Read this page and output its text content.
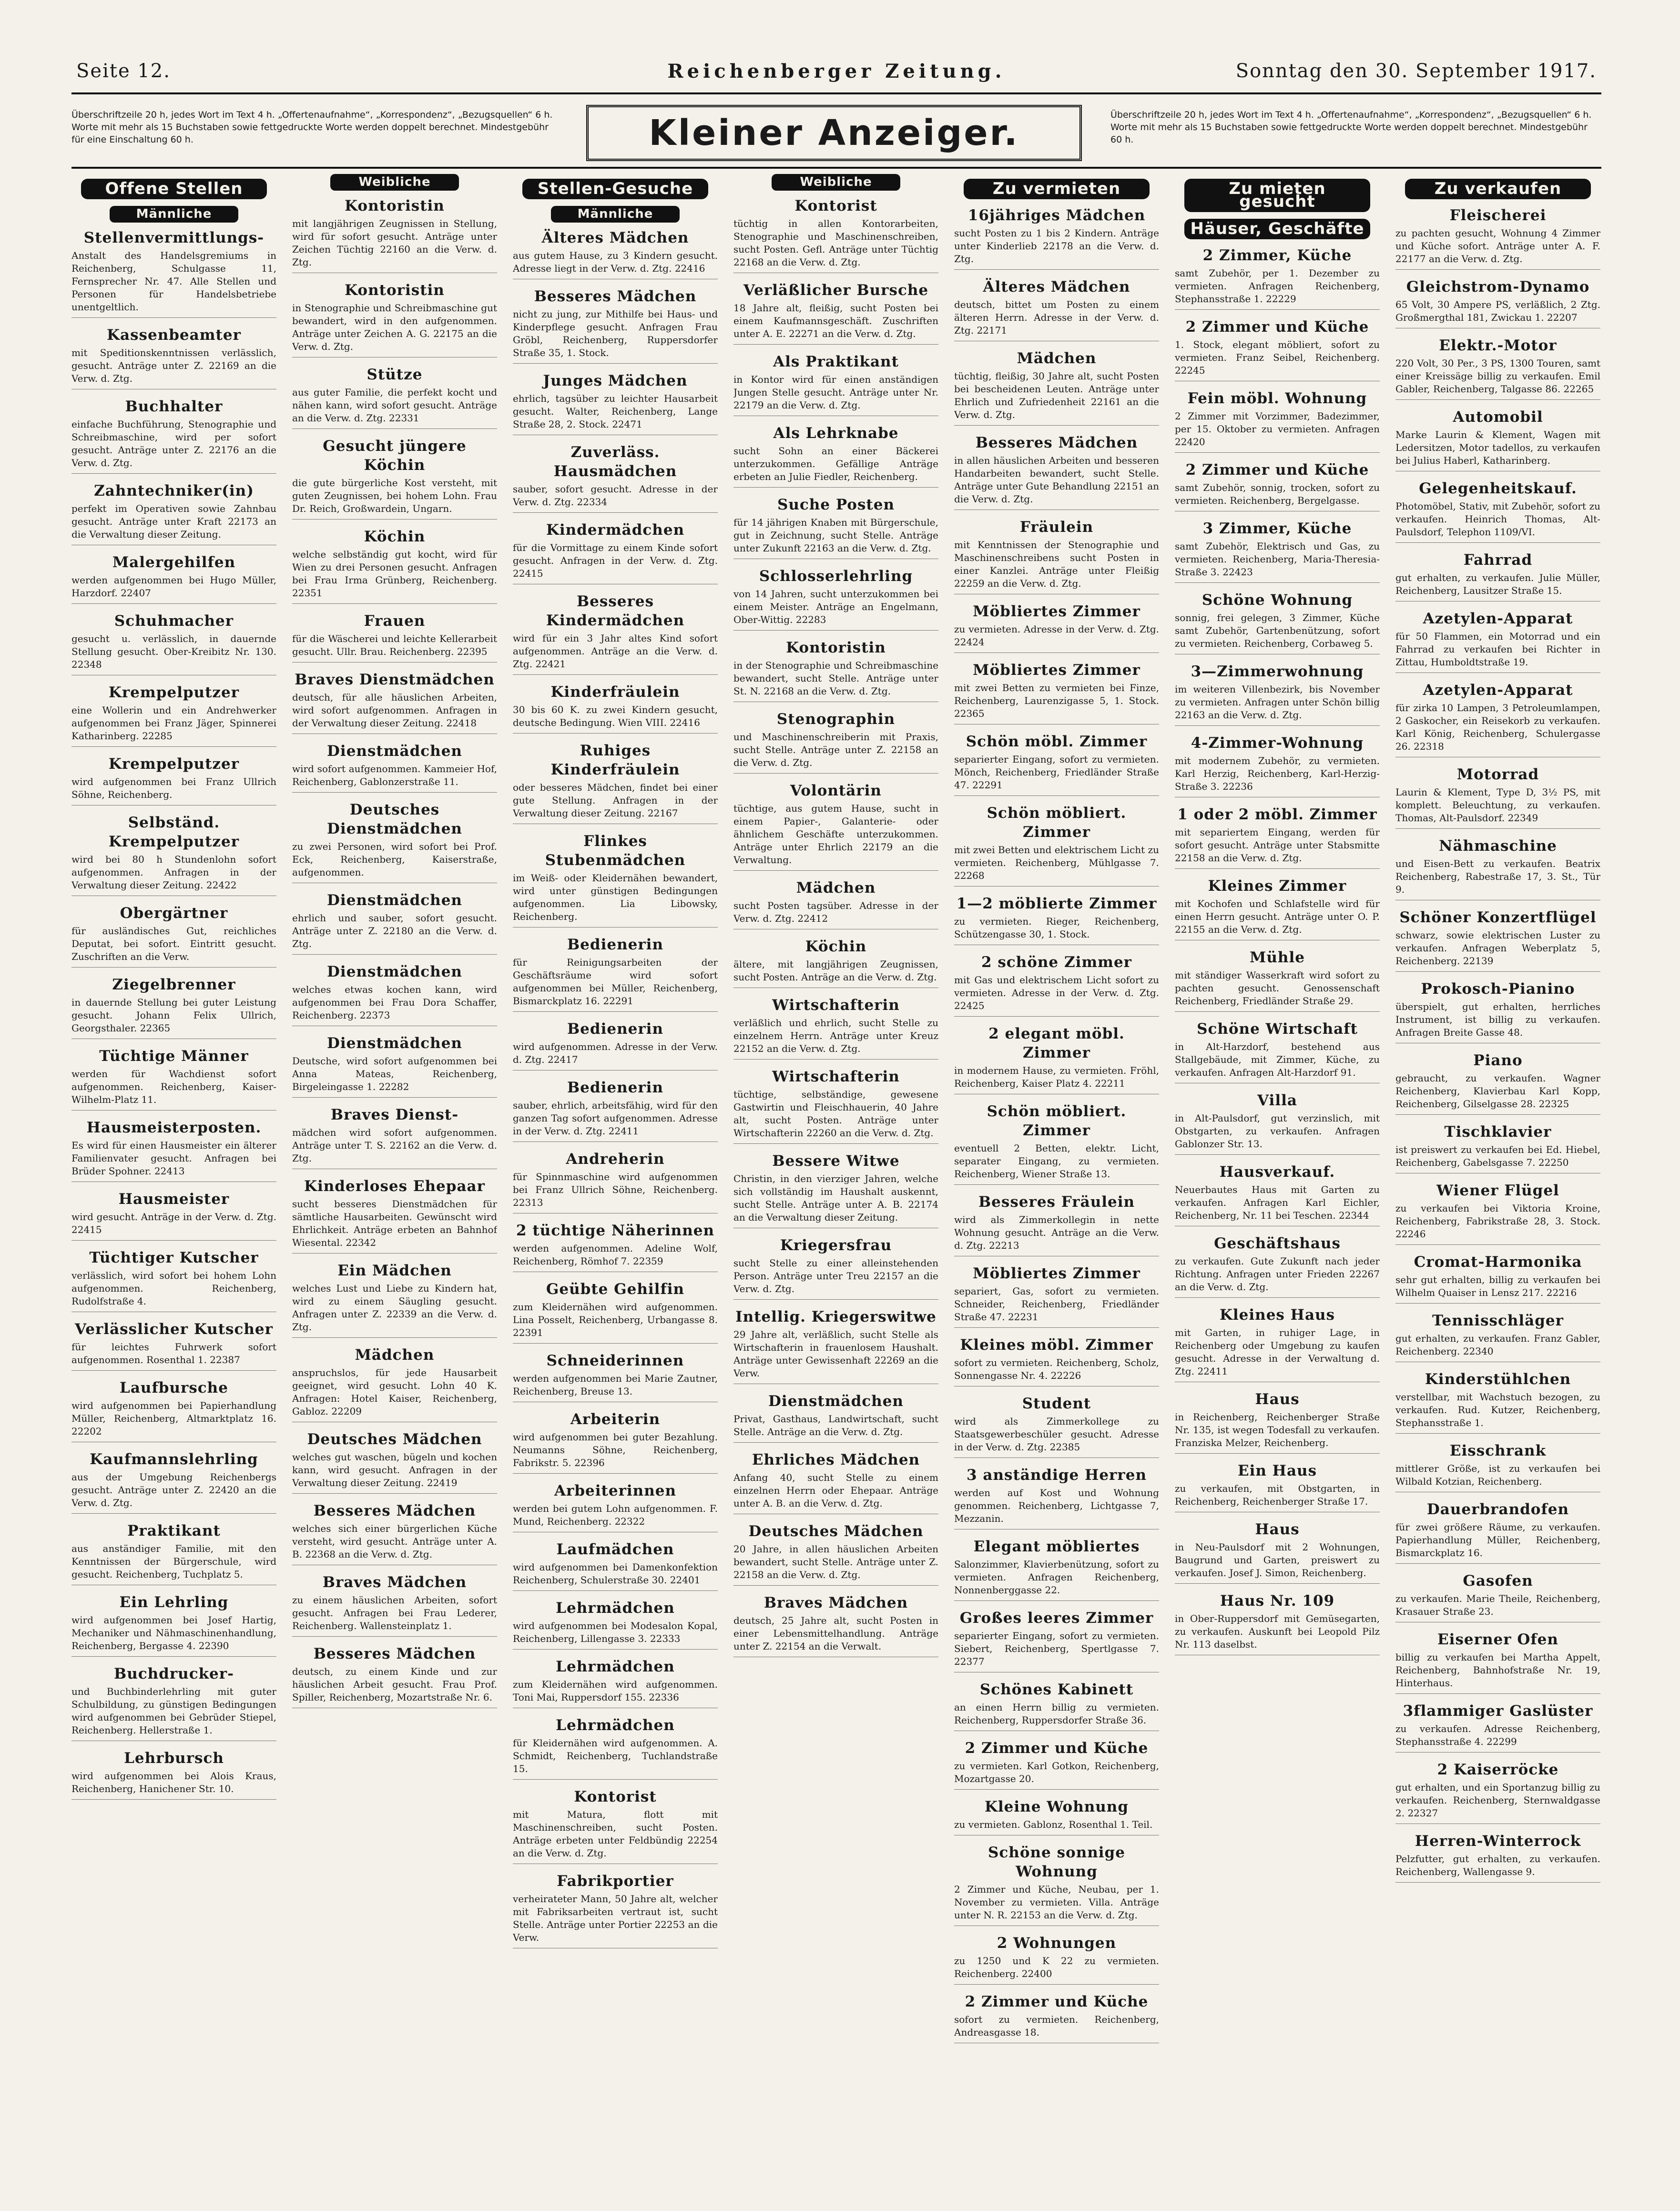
Seite 12.	Reichenberger Zeitung.	Sonntag den 30. September 1917.
Überschriftzeile 20 h, jedes Wort im Text 4 h. „Offertenaufnahme“, „Korrespondenz“, „Bezugsquellen“ 6 h. Worte mit mehr als 15 Buchstaben sowie fettgedruckte Worte werden doppelt berechnet. Mindestgebühr für eine Einschaltung 60 h.	Kleiner Anzeiger.	Überschriftzeile 20 h, jedes Wort im Text 4 h. „Offertenaufnahme“, „Korrespondenz“, „Bezugsquellen“ 6 h. Worte mit mehr als 15 Buchstaben sowie fettgedruckte Worte werden doppelt berechnet. Mindestgebühr 60 h.
Offene Stellen
Männliche
Stellenvermittlungs-
Anstalt des Handelsgremiums in Reichenberg, Schulgasse 11, Fernsprecher Nr. 47. Alle Stellen und Personen für Handelsbetriebe unentgeltlich.
Kassenbeamter
mit Speditionskenntnissen verlässlich, gesucht. Anträge unter Z. 22169 an die Verw. d. Ztg.
Buchhalter
einfache Buchführung, Stenographie und Schreibmaschine, wird per sofort gesucht. Anträge unter Z. 22176 an die Verw. d. Ztg.
Zahntechniker(in)
perfekt im Operativen sowie Zahnbau gesucht. Anträge unter Kraft 22173 an die Verwaltung dieser Zeitung.
Malergehilfen
werden aufgenommen bei Hugo Müller, Harzdorf. 22407
Schuhmacher
gesucht u. verlässlich, in dauernde Stellung gesucht. Ober-Kreibitz Nr. 130. 22348
Krempelputzer
eine Wollerin und ein Andrehwerker aufgenommen bei Franz Jäger, Spinnerei Katharinberg. 22285
Krempelputzer
wird aufgenommen bei Franz Ullrich Söhne, Reichenberg.
Selbständ. Krempelputzer
wird bei 80 h Stundenlohn sofort aufgenommen. Anfragen in der Verwaltung dieser Zeitung. 22422
Obergärtner
für ausländisches Gut, reichliches Deputat, bei sofort. Eintritt gesucht. Zuschriften an die Verw.
Ziegelbrenner
in dauernde Stellung bei guter Leistung gesucht. Johann Felix Ullrich, Georgsthaler. 22365
Tüchtige Männer
werden für Wachdienst sofort aufgenommen. Reichenberg, Kaiser-Wilhelm-Platz 11.
Hausmeisterposten.
Es wird für einen Hausmeister ein älterer Familienvater gesucht. Anfragen bei Brüder Spohner. 22413
Hausmeister
wird gesucht. Anträge in der Verw. d. Ztg. 22415
Tüchtiger Kutscher
verlässlich, wird sofort bei hohem Lohn aufgenommen. Reichenberg, Rudolfstraße 4.
Verlässlicher Kutscher
für leichtes Fuhrwerk sofort aufgenommen. Rosenthal 1. 22387
Laufbursche
wird aufgenommen bei Papierhandlung Müller, Reichenberg, Altmarktplatz 16. 22202
Kaufmannslehrling
aus der Umgebung Reichenbergs gesucht. Anträge unter Z. 22420 an die Verw. d. Ztg.
Praktikant
aus anständiger Familie, mit den Kenntnissen der Bürgerschule, wird gesucht. Reichenberg, Tuchplatz 5.
Ein Lehrling
wird aufgenommen bei Josef Hartig, Mechaniker und Nähmaschinenhandlung, Reichenberg, Bergasse 4. 22390
Buchdrucker-
und Buchbinderlehrling mit guter Schulbildung, zu günstigen Bedingungen wird aufgenommen bei Gebrüder Stiepel, Reichenberg. Hellerstraße 1.
Lehrbursch
wird aufgenommen bei Alois Kraus, Reichenberg, Hanichener Str. 10.
Weibliche
Kontoristin
mit langjährigen Zeugnissen in Stellung, wird für sofort gesucht. Anträge unter Zeichen Tüchtig 22160 an die Verw. d. Ztg.
Kontoristin
in Stenographie und Schreibmaschine gut bewandert, wird in den aufgenommen. Anträge unter Zeichen A. G. 22175 an die Verw. d. Ztg.
Stütze
aus guter Familie, die perfekt kocht und nähen kann, wird sofort gesucht. Anträge an die Verw. d. Ztg. 22331
Gesucht jüngere Köchin
die gute bürgerliche Kost versteht, mit guten Zeugnissen, bei hohem Lohn. Frau Dr. Reich, Großwardein, Ungarn.
Köchin
welche selbständig gut kocht, wird für Wien zu drei Personen gesucht. Anfragen bei Frau Irma Grünberg, Reichenberg. 22351
Frauen
für die Wäscherei und leichte Kellerarbeit gesucht. Ullr. Brau. Reichenberg. 22395
Braves Dienstmädchen
deutsch, für alle häuslichen Arbeiten, wird sofort aufgenommen. Anfragen in der Verwaltung dieser Zeitung. 22418
Dienstmädchen
wird sofort aufgenommen. Kammeier Hof, Reichenberg, Gablonzerstraße 11.
Deutsches Dienstmädchen
zu zwei Personen, wird sofort bei Prof. Eck, Reichenberg, Kaiserstraße, aufgenommen.
Dienstmädchen
ehrlich und sauber, sofort gesucht. Anträge unter Z. 22180 an die Verw. d. Ztg.
Dienstmädchen
welches etwas kochen kann, wird aufgenommen bei Frau Dora Schaffer, Reichenberg. 22373
Dienstmädchen
Deutsche, wird sofort aufgenommen bei Anna Mateas, Reichenberg, Birgeleingasse 1. 22282
Braves Dienst-
mädchen wird sofort aufgenommen. Anträge unter T. S. 22162 an die Verw. d. Ztg.
Kinderloses Ehepaar
sucht besseres Dienstmädchen für sämtliche Hausarbeiten. Gewünscht wird Ehrlichkeit. Anträge erbeten an Bahnhof Wiesental. 22342
Ein Mädchen
welches Lust und Liebe zu Kindern hat, wird zu einem Säugling gesucht. Anfragen unter Z. 22339 an die Verw. d. Ztg.
Mädchen
anspruchslos, für jede Hausarbeit geeignet, wird gesucht. Lohn 40 K. Anfragen: Hotel Kaiser, Reichenberg, Gabloz. 22209
Deutsches Mädchen
welches gut waschen, bügeln und kochen kann, wird gesucht. Anfragen in der Verwaltung dieser Zeitung. 22419
Besseres Mädchen
welches sich einer bürgerlichen Küche versteht, wird gesucht. Anträge unter A. B. 22368 an die Verw. d. Ztg.
Braves Mädchen
zu einem häuslichen Arbeiten, sofort gesucht. Anfragen bei Frau Lederer, Reichenberg. Wallensteinplatz 1.
Besseres Mädchen
deutsch, zu einem Kinde und zur häuslichen Arbeit gesucht. Frau Prof. Spiller, Reichenberg, Mozartstraße Nr. 6.
Stellen-Gesuche
Männliche
Älteres Mädchen
aus gutem Hause, zu 3 Kindern gesucht. Adresse liegt in der Verw. d. Ztg. 22416
Besseres Mädchen
nicht zu jung, zur Mithilfe bei Haus- und Kinderpflege gesucht. Anfragen Frau Gröbl, Reichenberg, Ruppersdorfer Straße 35, 1. Stock.
Junges Mädchen
ehrlich, tagsüber zu leichter Hausarbeit gesucht. Walter, Reichenberg, Lange Straße 28, 2. Stock. 22471
Zuverläss. Hausmädchen
sauber, sofort gesucht. Adresse in der Verw. d. Ztg. 22334
Kindermädchen
für die Vormittage zu einem Kinde sofort gesucht. Anfragen in der Verw. d. Ztg. 22415
Besseres Kindermädchen
wird für ein 3 Jahr altes Kind sofort aufgenommen. Anträge an die Verw. d. Ztg. 22421
Kinderfräulein
30 bis 60 K. zu zwei Kindern gesucht, deutsche Bedingung. Wien VIII. 22416
Ruhiges Kinderfräulein
oder besseres Mädchen, findet bei einer gute Stellung. Anfragen in der Verwaltung dieser Zeitung. 22167
Flinkes Stubenmädchen
im Weiß- oder Kleidernähen bewandert, wird unter günstigen Bedingungen aufgenommen. Lia Libowsky, Reichenberg.
Bedienerin
für Reinigungsarbeiten der Geschäftsräume wird sofort aufgenommen bei Müller, Reichenberg, Bismarckplatz 16. 22291
Bedienerin
wird aufgenommen. Adresse in der Verw. d. Ztg. 22417
Bedienerin
sauber, ehrlich, arbeitsfähig, wird für den ganzen Tag sofort aufgenommen. Adresse in der Verw. d. Ztg. 22411
Andreherin
für Spinnmaschine wird aufgenommen bei Franz Ullrich Söhne, Reichenberg. 22313
2 tüchtige Näherinnen
werden aufgenommen. Adeline Wolf, Reichenberg, Römhof 7. 22359
Geübte Gehilfin
zum Kleidernähen wird aufgenommen. Lina Posselt, Reichenberg, Urbangasse 8. 22391
Schneiderinnen
werden aufgenommen bei Marie Zautner, Reichenberg, Breuse 13.
Arbeiterin
wird aufgenommen bei guter Bezahlung. Neumanns Söhne, Reichenberg, Fabrikstr. 5. 22396
Arbeiterinnen
werden bei gutem Lohn aufgenommen. F. Mund, Reichenberg. 22322
Laufmädchen
wird aufgenommen bei Damenkonfektion Reichenberg, Schulerstraße 30. 22401
Lehrmädchen
wird aufgenommen bei Modesalon Kopal, Reichenberg, Lillengasse 3. 22333
Lehrmädchen
zum Kleidernähen wird aufgenommen. Toni Mai, Ruppersdorf 155. 22336
Lehrmädchen
für Kleidernähen wird aufgenommen. A. Schmidt, Reichenberg, Tuchlandstraße 15.
Kontorist
mit Matura, flott mit Maschinenschreiben, sucht Posten. Anträge erbeten unter Feldbündig 22254 an die Verw. d. Ztg.
Fabrikportier
verheirateter Mann, 50 Jahre alt, welcher mit Fabriksarbeiten vertraut ist, sucht Stelle. Anträge unter Portier 22253 an die Verw.
Weibliche
Kontorist
tüchtig in allen Kontorarbeiten, Stenographie und Maschinenschreiben, sucht Posten. Gefl. Anträge unter Tüchtig 22168 an die Verw. d. Ztg.
Verläßlicher Bursche
18 Jahre alt, fleißig, sucht Posten bei einem Kaufmannsgeschäft. Zuschriften unter A. E. 22271 an die Verw. d. Ztg.
Als Praktikant
in Kontor wird für einen anständigen Jungen Stelle gesucht. Anträge unter Nr. 22179 an die Verw. d. Ztg.
Als Lehrknabe
sucht Sohn an einer Bäckerei unterzukommen. Gefällige Anträge erbeten an Julie Fiedler, Reichenberg.
Suche Posten
für 14 jährigen Knaben mit Bürgerschule, gut in Zeichnung, sucht Stelle. Anträge unter Zukunft 22163 an die Verw. d. Ztg.
Schlosserlehrling
von 14 Jahren, sucht unterzukommen bei einem Meister. Anträge an Engelmann, Ober-Wittig. 22283
Kontoristin
in der Stenographie und Schreibmaschine bewandert, sucht Stelle. Anträge unter St. N. 22168 an die Verw. d. Ztg.
Stenographin
und Maschinenschreiberin mit Praxis, sucht Stelle. Anträge unter Z. 22158 an die Verw. d. Ztg.
Volontärin
tüchtige, aus gutem Hause, sucht in einem Papier-, Galanterie- oder ähnlichem Geschäfte unterzukommen. Anträge unter Ehrlich 22179 an die Verwaltung.
Mädchen
sucht Posten tagsüber. Adresse in der Verw. d. Ztg. 22412
Köchin
ältere, mit langjährigen Zeugnissen, sucht Posten. Anträge an die Verw. d. Ztg.
Wirtschafterin
verläßlich und ehrlich, sucht Stelle zu einzelnem Herrn. Anträge unter Kreuz 22152 an die Verw. d. Ztg.
Wirtschafterin
tüchtige, selbständige, gewesene Gastwirtin und Fleischhauerin, 40 Jahre alt, sucht Posten. Anträge unter Wirtschafterin 22260 an die Verw. d. Ztg.
Bessere Witwe
Christin, in den vierziger Jahren, welche sich vollständig im Haushalt auskennt, sucht Stelle. Anträge unter A. B. 22174 an die Verwaltung dieser Zeitung.
Kriegersfrau
sucht Stelle zu einer alleinstehenden Person. Anträge unter Treu 22157 an die Verw. d. Ztg.
Intellig. Kriegerswitwe
29 Jahre alt, verläßlich, sucht Stelle als Wirtschafterin in frauenlosem Haushalt. Anträge unter Gewissenhaft 22269 an die Verw.
Dienstmädchen
Privat, Gasthaus, Landwirtschaft, sucht Stelle. Anträge an die Verw. d. Ztg.
Ehrliches Mädchen
Anfang 40, sucht Stelle zu einem einzelnen Herrn oder Ehepaar. Anträge unter A. B. an die Verw. d. Ztg.
Deutsches Mädchen
20 Jahre, in allen häuslichen Arbeiten bewandert, sucht Stelle. Anträge unter Z. 22158 an die Verw. d. Ztg.
Braves Mädchen
deutsch, 25 Jahre alt, sucht Posten in einer Lebensmittelhandlung. Anträge unter Z. 22154 an die Verwalt.
Zu vermieten
16jähriges Mädchen
sucht Posten zu 1 bis 2 Kindern. Anträge unter Kinderlieb 22178 an die Verw. d. Ztg.
Älteres Mädchen
deutsch, bittet um Posten zu einem älteren Herrn. Adresse in der Verw. d. Ztg. 22171
Mädchen
tüchtig, fleißig, 30 Jahre alt, sucht Posten bei bescheidenen Leuten. Anträge unter Ehrlich und Zufriedenheit 22161 an die Verw. d. Ztg.
Besseres Mädchen
in allen häuslichen Arbeiten und besseren Handarbeiten bewandert, sucht Stelle. Anträge unter Gute Behandlung 22151 an die Verw. d. Ztg.
Fräulein
mit Kenntnissen der Stenographie und Maschinenschreibens sucht Posten in einer Kanzlei. Anträge unter Fleißig 22259 an die Verw. d. Ztg.
Möbliertes Zimmer
zu vermieten. Adresse in der Verw. d. Ztg. 22424
Möbliertes Zimmer
mit zwei Betten zu vermieten bei Finze, Reichenberg, Laurenzigasse 5, 1. Stock. 22365
Schön möbl. Zimmer
separierter Eingang, sofort zu vermieten. Mönch, Reichenberg, Friedländer Straße 47. 22291
Schön möbliert. Zimmer
mit zwei Betten und elektrischem Licht zu vermieten. Reichenberg, Mühlgasse 7. 22268
1—2 möblierte Zimmer
zu vermieten. Rieger, Reichenberg, Schützengasse 30, 1. Stock.
2 schöne Zimmer
mit Gas und elektrischem Licht sofort zu vermieten. Adresse in der Verw. d. Ztg. 22425
2 elegant möbl. Zimmer
in modernem Hause, zu vermieten. Fröhl, Reichenberg, Kaiser Platz 4. 22211
Schön möbliert. Zimmer
eventuell 2 Betten, elektr. Licht, separater Eingang, zu vermieten. Reichenberg, Wiener Straße 13.
Besseres Fräulein
wird als Zimmerkollegin in nette Wohnung gesucht. Anträge an die Verw. d. Ztg. 22213
Möbliertes Zimmer
separiert, Gas, sofort zu vermieten. Schneider, Reichenberg, Friedländer Straße 47. 22231
Kleines möbl. Zimmer
sofort zu vermieten. Reichenberg, Scholz, Sonnengasse Nr. 4. 22226
Student
wird als Zimmerkollege zu Staatsgewerbeschüler gesucht. Adresse in der Verw. d. Ztg. 22385
3 anständige Herren
werden auf Kost und Wohnung genommen. Reichenberg, Lichtgasse 7, Mezzanin.
Elegant möbliertes
Salonzimmer, Klavierbenützung, sofort zu vermieten. Anfragen Reichenberg, Nonnenberggasse 22.
Großes leeres Zimmer
separierter Eingang, sofort zu vermieten. Siebert, Reichenberg, Spertlgasse 7. 22377
Schönes Kabinett
an einen Herrn billig zu vermieten. Reichenberg, Ruppersdorfer Straße 36.
2 Zimmer und Küche
zu vermieten. Karl Gotkon, Reichenberg, Mozartgasse 20.
Kleine Wohnung
zu vermieten. Gablonz, Rosenthal 1. Teil.
Schöne sonnige Wohnung
2 Zimmer und Küche, Neubau, per 1. November zu vermieten. Villa. Anträge unter N. R. 22153 an die Verw. d. Ztg.
2 Wohnungen
zu 1250 und K 22 zu vermieten. Reichenberg. 22400
2 Zimmer und Küche
sofort zu vermieten. Reichenberg, Andreasgasse 18.
Zu mieten gesucht
Häuser, Geschäfte
2 Zimmer, Küche
samt Zubehör, per 1. Dezember zu vermieten. Anfragen Reichenberg, Stephansstraße 1. 22229
2 Zimmer und Küche
1. Stock, elegant möbliert, sofort zu vermieten. Franz Seibel, Reichenberg. 22245
Fein möbl. Wohnung
2 Zimmer mit Vorzimmer, Badezimmer, per 15. Oktober zu vermieten. Anfragen 22420
2 Zimmer und Küche
samt Zubehör, sonnig, trocken, sofort zu vermieten. Reichenberg, Bergelgasse.
3 Zimmer, Küche
samt Zubehör, Elektrisch und Gas, zu vermieten. Reichenberg, Maria-Theresia-Straße 3. 22423
Schöne Wohnung
sonnig, frei gelegen, 3 Zimmer, Küche samt Zubehör, Gartenbenützung, sofort zu vermieten. Reichenberg, Corbaweg 5.
3—Zimmerwohnung
im weiteren Villenbezirk, bis November zu vermieten. Anfragen unter Schön billig 22163 an die Verw. d. Ztg.
4-Zimmer-Wohnung
mit modernem Zubehör, zu vermieten. Karl Herzig, Reichenberg, Karl-Herzig-Straße 3. 22236
1 oder 2 möbl. Zimmer
mit separiertem Eingang, werden für sofort gesucht. Anträge unter Stabsmitte 22158 an die Verw. d. Ztg.
Kleines Zimmer
mit Kochofen und Schlafstelle wird für einen Herrn gesucht. Anträge unter O. P. 22155 an die Verw. d. Ztg.
Mühle
mit ständiger Wasserkraft wird sofort zu pachten gesucht. Genossenschaft Reichenberg, Friedländer Straße 29.
Schöne Wirtschaft
in Alt-Harzdorf, bestehend aus Stallgebäude, mit Zimmer, Küche, zu verkaufen. Anfragen Alt-Harzdorf 91.
Villa
in Alt-Paulsdorf, gut verzinslich, mit Obstgarten, zu verkaufen. Anfragen Gablonzer Str. 13.
Hausverkauf.
Neuerbautes Haus mit Garten zu verkaufen. Anfragen Karl Eichler, Reichenberg, Nr. 11 bei Teschen. 22344
Geschäftshaus
zu verkaufen. Gute Zukunft nach jeder Richtung. Anfragen unter Frieden 22267 an die Verw. d. Ztg.
Kleines Haus
mit Garten, in ruhiger Lage, in Reichenberg oder Umgebung zu kaufen gesucht. Adresse in der Verwaltung d. Ztg. 22411
Haus
in Reichenberg, Reichenberger Straße Nr. 135, ist wegen Todesfall zu verkaufen. Franziska Melzer, Reichenberg.
Ein Haus
zu verkaufen, mit Obstgarten, in Reichenberg, Reichenberger Straße 17.
Haus
in Neu-Paulsdorf mit 2 Wohnungen, Baugrund und Garten, preiswert zu verkaufen. Josef J. Simon, Reichenberg.
Haus Nr. 109
in Ober-Ruppersdorf mit Gemüsegarten, zu verkaufen. Auskunft bei Leopold Pilz Nr. 113 daselbst.
Zu verkaufen
Fleischerei
zu pachten gesucht, Wohnung 4 Zimmer und Küche sofort. Anträge unter A. F. 22177 an die Verw. d. Ztg.
Gleichstrom-Dynamo
65 Volt, 30 Ampere PS, verläßlich, 2 Ztg. Großmergthal 181, Zwickau 1. 22207
Elektr.-Motor
220 Volt, 30 Per., 3 PS, 1300 Touren, samt einer Kreissäge billig zu verkaufen. Emil Gabler, Reichenberg, Talgasse 86. 22265
Automobil
Marke Laurin & Klement, Wagen mit Ledersitzen, Motor tadellos, zu verkaufen bei Julius Haberl, Katharinberg.
Gelegenheitskauf.
Photomöbel, Stativ, mit Zubehör, sofort zu verkaufen. Heinrich Thomas, Alt-Paulsdorf, Telephon 1109/VI.
Fahrrad
gut erhalten, zu verkaufen. Julie Müller, Reichenberg, Lausitzer Straße 15.
Azetylen-Apparat
für 50 Flammen, ein Motorrad und ein Fahrrad zu verkaufen bei Richter in Zittau, Humboldtstraße 19.
Azetylen-Apparat
für zirka 10 Lampen, 3 Petroleumlampen, 2 Gaskocher, ein Reisekorb zu verkaufen. Karl König, Reichenberg, Schulergasse 26. 22318
Motorrad
Laurin & Klement, Type D, 3½ PS, mit komplett. Beleuchtung, zu verkaufen. Thomas, Alt-Paulsdorf. 22349
Nähmaschine
und Eisen-Bett zu verkaufen. Beatrix Reichenberg, Rabestraße 17, 3. St., Tür 9.
Schöner Konzertflügel
schwarz, sowie elektrischen Luster zu verkaufen. Anfragen Weberplatz 5, Reichenberg. 22139
Prokosch-Pianino
überspielt, gut erhalten, herrliches Instrument, ist billig zu verkaufen. Anfragen Breite Gasse 48.
Piano
gebraucht, zu verkaufen. Wagner Reichenberg, Klavierbau Karl Kopp, Reichenberg, Gilselgasse 28. 22325
Tischklavier
ist preiswert zu verkaufen bei Ed. Hiebel, Reichenberg, Gabelsgasse 7. 22250
Wiener Flügel
zu verkaufen bei Viktoria Kroine, Reichenberg, Fabrikstraße 28, 3. Stock. 22246
Cromat-Harmonika
sehr gut erhalten, billig zu verkaufen bei Wilhelm Quaiser in Lensz 217. 22216
Tennisschläger
gut erhalten, zu verkaufen. Franz Gabler, Reichenberg. 22340
Kinderstühlchen
verstellbar, mit Wachstuch bezogen, zu verkaufen. Rud. Kutzer, Reichenberg, Stephansstraße 1.
Eisschrank
mittlerer Größe, ist zu verkaufen bei Wilbald Kotzian, Reichenberg.
Dauerbrandofen
für zwei größere Räume, zu verkaufen. Papierhandlung Müller, Reichenberg, Bismarckplatz 16.
Gasofen
zu verkaufen. Marie Theile, Reichenberg, Krasauer Straße 23.
Eiserner Ofen
billig zu verkaufen bei Martha Appelt, Reichenberg, Bahnhofstraße Nr. 19, Hinterhaus.
3flammiger Gaslüster
zu verkaufen. Adresse Reichenberg, Stephansstraße 4. 22299
2 Kaiserröcke
gut erhalten, und ein Sportanzug billig zu verkaufen. Reichenberg, Sternwaldgasse 2. 22327
Herren-Winterrock
Pelzfutter, gut erhalten, zu verkaufen. Reichenberg, Wallengasse 9.
